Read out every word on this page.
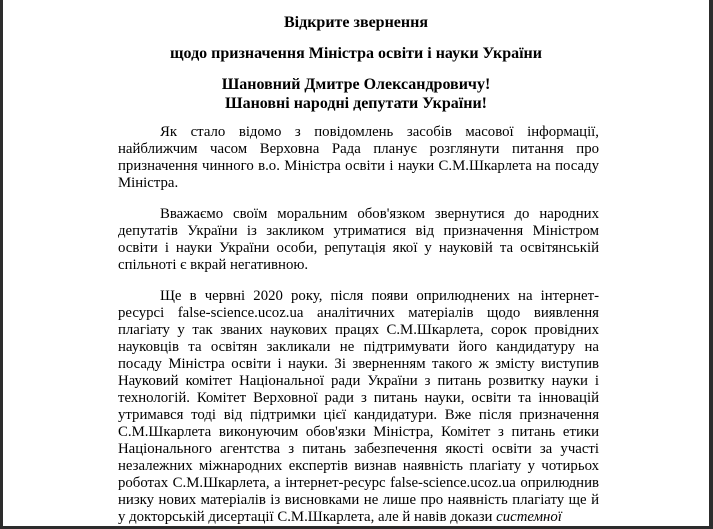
Відкрите звернення

щодо призначення Міністра освіти і науки України

Шановний Дмитре Олександровичу!

Шановні народні депутати України!

Як стало відомо з повідомлень засобів масової інформації, найближчим часом Верховна Рада планує розглянути питання про призначення чинного в.о. Міністра освіти і науки С.М.Шкарлета на посаду Міністра.

Вважаємо своїм моральним обов'язком звернутися до народних депутатів України із закликом утриматися від призначення Міністром освіти і науки України особи, репутація якої у науковій та освітянській спільноті є вкрай негативною.

Ще в червні 2020 року, після появи оприлюднених на інтернет-ресурсі false-science.ucoz.ua аналітичних матеріалів щодо виявлення плагіату у так званих наукових працях С.М.Шкарлета, сорок провідних науковців та освітян закликали не підтримувати його кандидатуру на посаду Міністра освіти і науки. Зі зверненням такого ж змісту виступив Науковий комітет Національної ради України з питань розвитку науки і технологій. Комітет Верховної ради з питань науки, освіти та інновацій утримався тоді від підтримки цієї кандидатури. Вже після призначення С.М.Шкарлета виконуючим обов'язки Міністра, Комітет з питань етики Національного агентства з питань забезпечення якості освіти за участі незалежних міжнародних експертів визнав наявність плагіату у чотирьох роботах С.М.Шкарлета, а інтернет-ресурс false-science.ucoz.ua оприлюднив низку нових матеріалів із висновками не лише про наявність плагіату ще й у докторській дисертації С.М.Шкарлета, але й навів докази системної
